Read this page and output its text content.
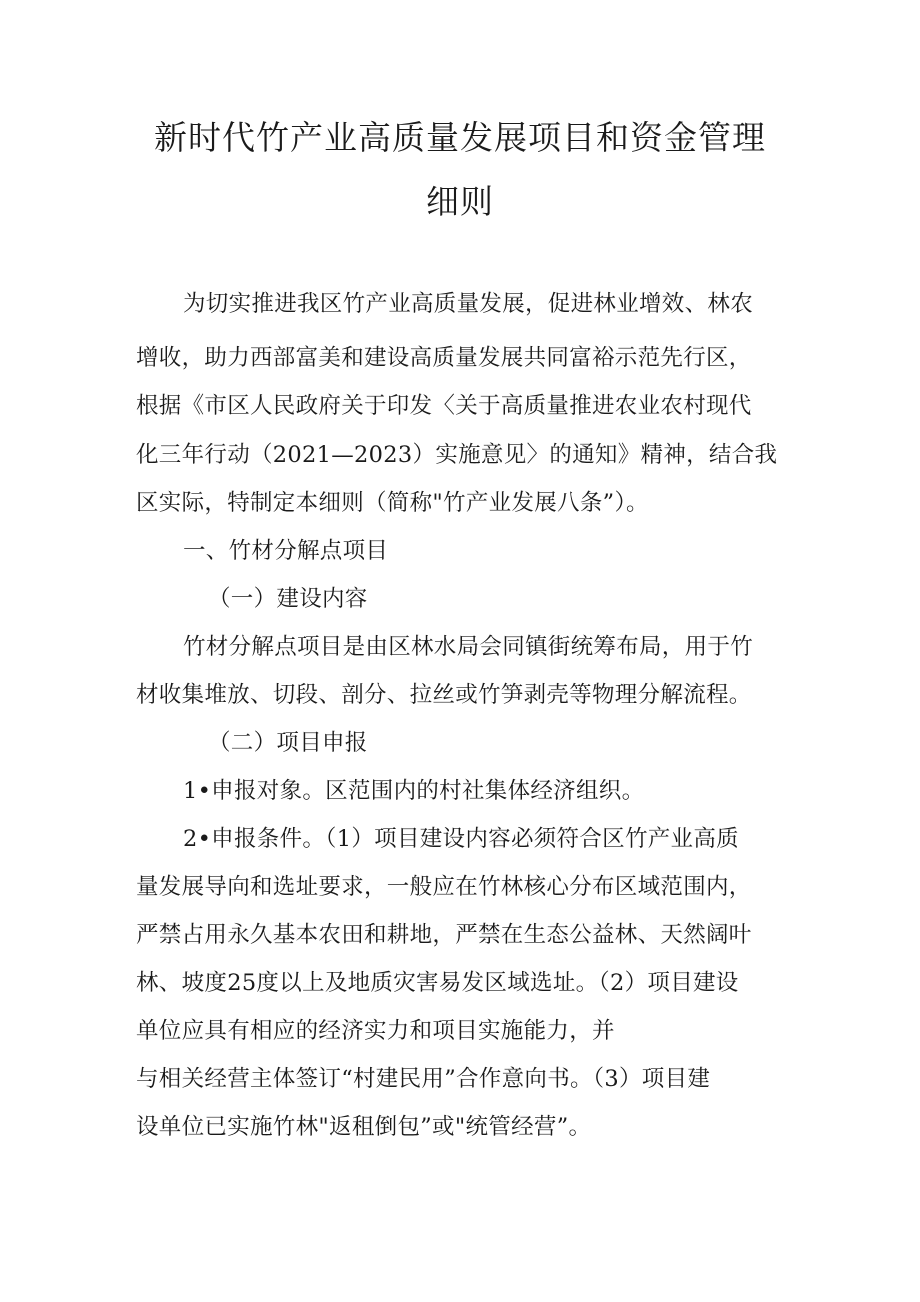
新时代竹产业高质量发展项目和资金管理
细则
为切实推进我区竹产业高质量发展，促进林业增效、林农
增收，助力西部富美和建设高质量发展共同富裕示范先行区，
根据《市区人民政府关于印发〈关于高质量推进农业农村现代
化三年行动（2021—2023）实施意见〉的通知》精神，结合我
区实际，特制定本细则（简称"竹产业发展八条”）。
一、竹材分解点项目
（一）建设内容
竹材分解点项目是由区林水局会同镇街统筹布局，用于竹
材收集堆放、切段、剖分、拉丝或竹笋剥壳等物理分解流程。
（二）项目申报
1•申报对象。区范围内的村社集体经济组织。
2•申报条件。（1）项目建设内容必须符合区竹产业高质
量发展导向和选址要求，一般应在竹林核心分布区域范围内，
严禁占用永久基本农田和耕地，严禁在生态公益林、天然阔叶
林、坡度25度以上及地质灾害易发区域选址。（2）项目建设
单位应具有相应的经济实力和项目实施能力，并
与相关经营主体签订“村建民用”合作意向书。（3）项目建
设单位已实施竹林"返租倒包”或"统管经营”。
